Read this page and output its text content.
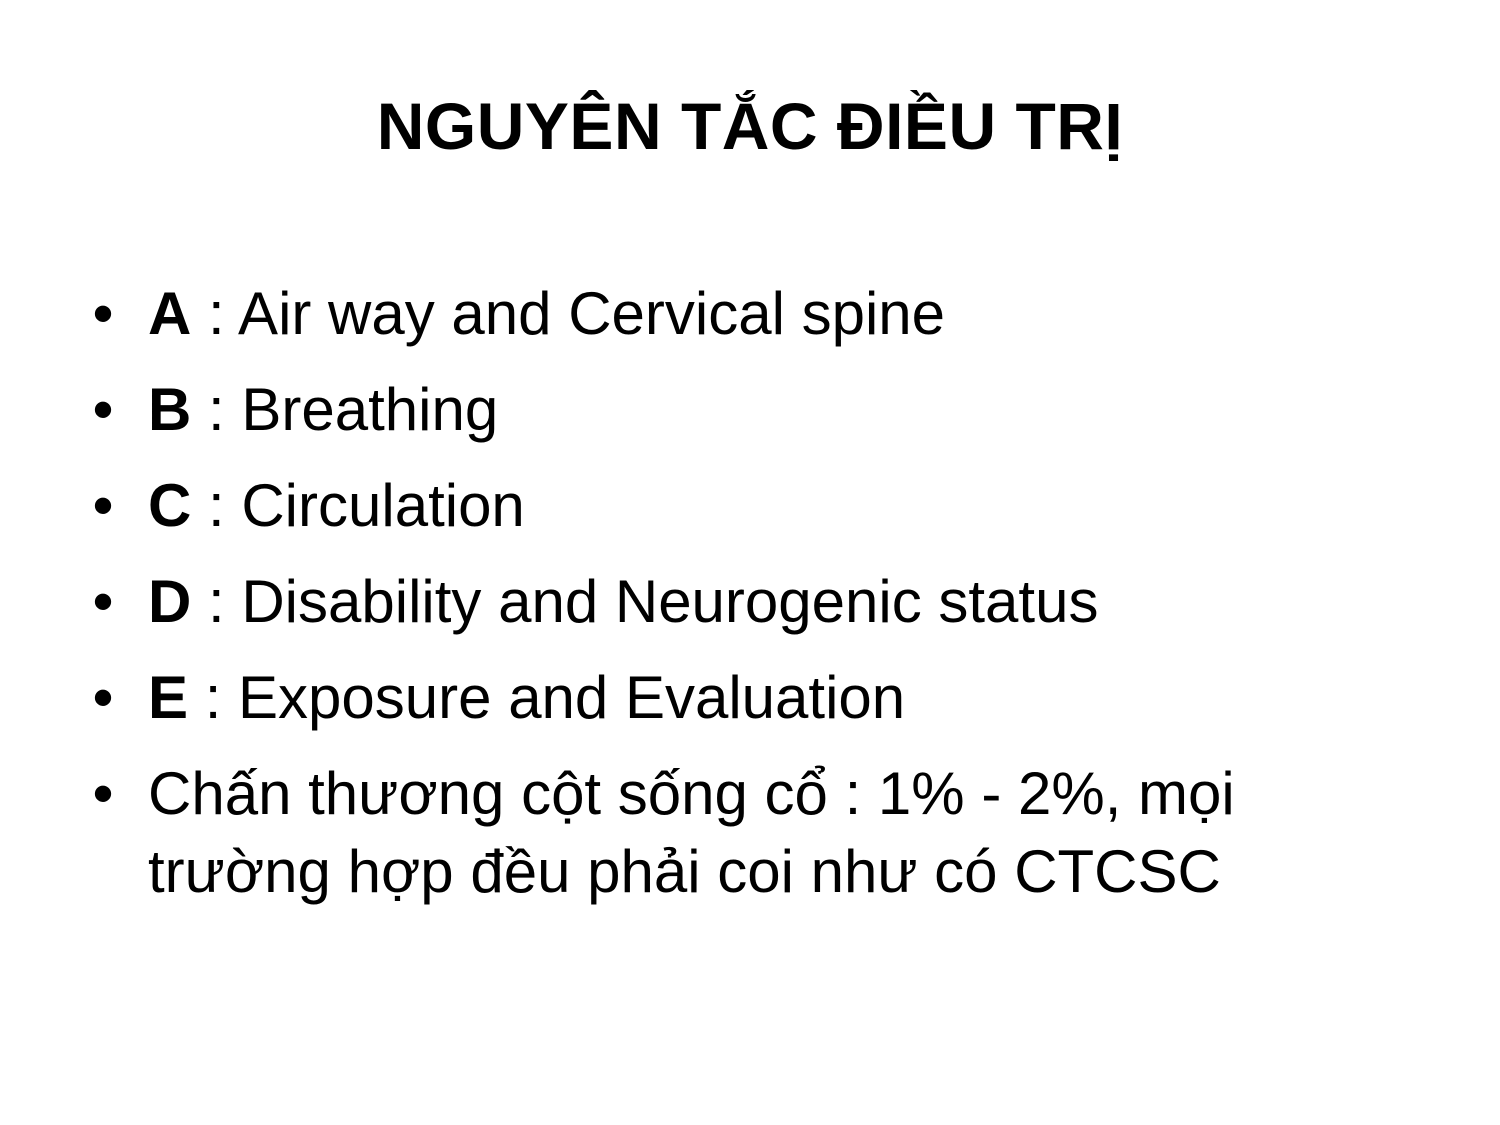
NGUYÊN TẮC ĐIỀU TRỊ
• A : Air way and Cervical spine
• B : Breathing
• C : Circulation
• D : Disability and Neurogenic status
• E : Exposure and Evaluation
• Chấn thương cột sống cổ : 1% - 2%, mọi trường hợp đều phải coi như có CTCSC
